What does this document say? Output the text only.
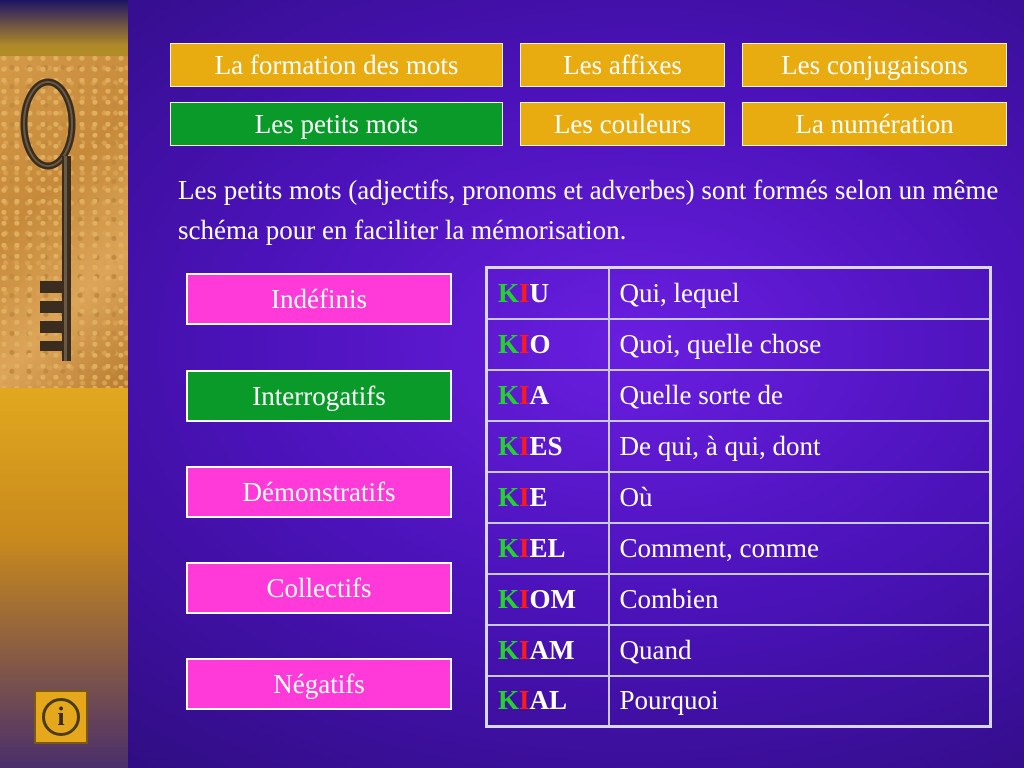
i
La formation des mots	Les affixes	Les conjugaisons
Les petits mots	Les couleurs	La numération

Les petits mots (adjectifs, pronoms et adverbes) sont formés selon un même schéma pour en faciliter la mémorisation.

Indéfinis
Interrogatifs
Démonstratifs
Collectifs
Négatifs
KIU	Qui, lequel
KIO	Quoi, quelle chose
KIA	Quelle sorte de
KIES	De qui, à qui, dont
KIE	Où
KIEL	Comment, comme
KIOM	Combien
KIAM	Quand
KIAL	Pourquoi
